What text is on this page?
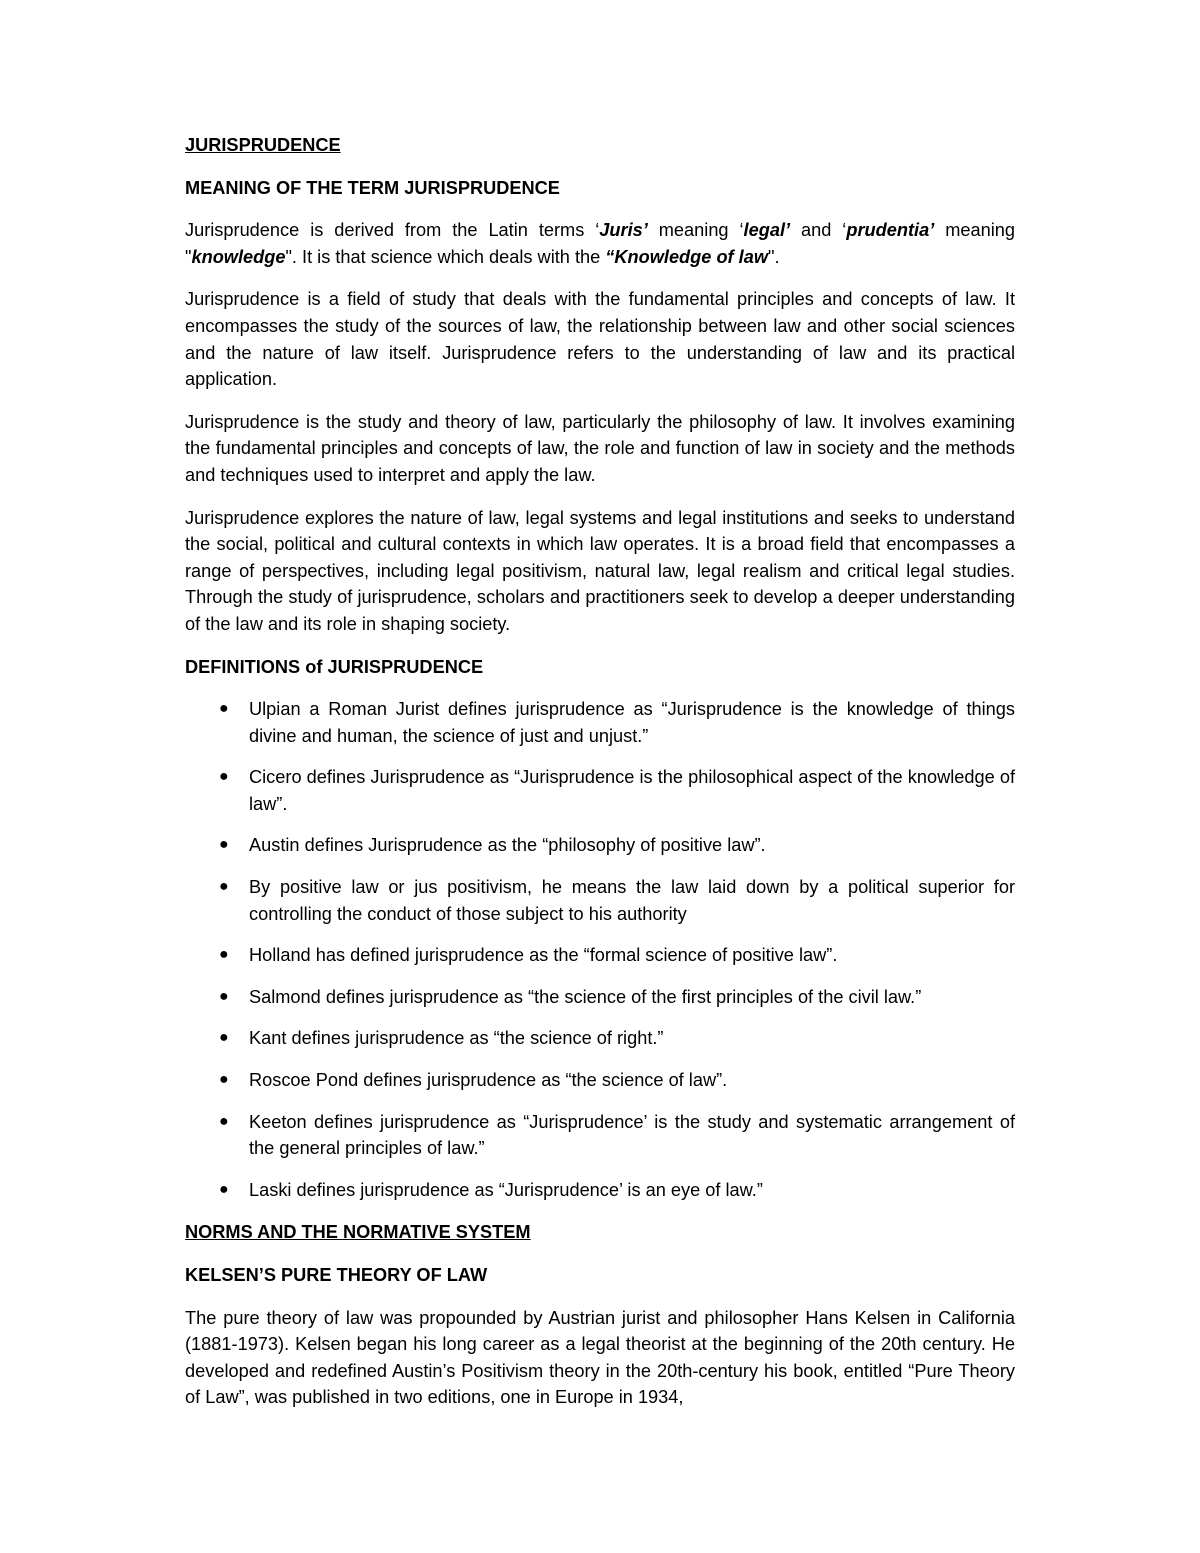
JURISPRUDENCE
MEANING OF THE TERM JURISPRUDENCE

Jurisprudence is derived from the Latin terms ‘Juris’ meaning ‘legal’ and ‘prudentia’ meaning "knowledge". It is that science which deals with the “Knowledge of law".

Jurisprudence is a field of study that deals with the fundamental principles and concepts of law. It encompasses the study of the sources of law, the relationship between law and other social sciences and the nature of law itself. Jurisprudence refers to the understanding of law and its practical application.

Jurisprudence is the study and theory of law, particularly the philosophy of law. It involves examining the fundamental principles and concepts of law, the role and function of law in society and the methods and techniques used to interpret and apply the law.

Jurisprudence explores the nature of law, legal systems and legal institutions and seeks to understand the social, political and cultural contexts in which law operates. It is a broad field that encompasses a range of perspectives, including legal positivism, natural law, legal realism and critical legal studies. Through the study of jurisprudence, scholars and practitioners seek to develop a deeper understanding of the law and its role in shaping society.

DEFINITIONS of JURISPRUDENCE
● Ulpian a Roman Jurist defines jurisprudence as “Jurisprudence is the knowledge of things divine and human, the science of just and unjust.”
● Cicero defines Jurisprudence as “Jurisprudence is the philosophical aspect of the knowledge of law”.
● Austin defines Jurisprudence as the “philosophy of positive law”.
● By positive law or jus positivism, he means the law laid down by a political superior for controlling the conduct of those subject to his authority
● Holland has defined jurisprudence as the “formal science of positive law”.
● Salmond defines jurisprudence as “the science of the first principles of the civil law.”
● Kant defines jurisprudence as “the science of right.”
● Roscoe Pond defines jurisprudence as “the science of law”.
● Keeton defines jurisprudence as “Jurisprudence’ is the study and systematic arrangement of the general principles of law.”
● Laski defines jurisprudence as “Jurisprudence’ is an eye of law.”
NORMS AND THE NORMATIVE SYSTEM
KELSEN’S PURE THEORY OF LAW

The pure theory of law was propounded by Austrian jurist and philosopher Hans Kelsen in California (1881-1973). Kelsen began his long career as a legal theorist at the beginning of the 20th century. He developed and redefined Austin’s Positivism theory in the 20th-century his book, entitled “Pure Theory of Law”, was published in two editions, one in Europe in 1934,
